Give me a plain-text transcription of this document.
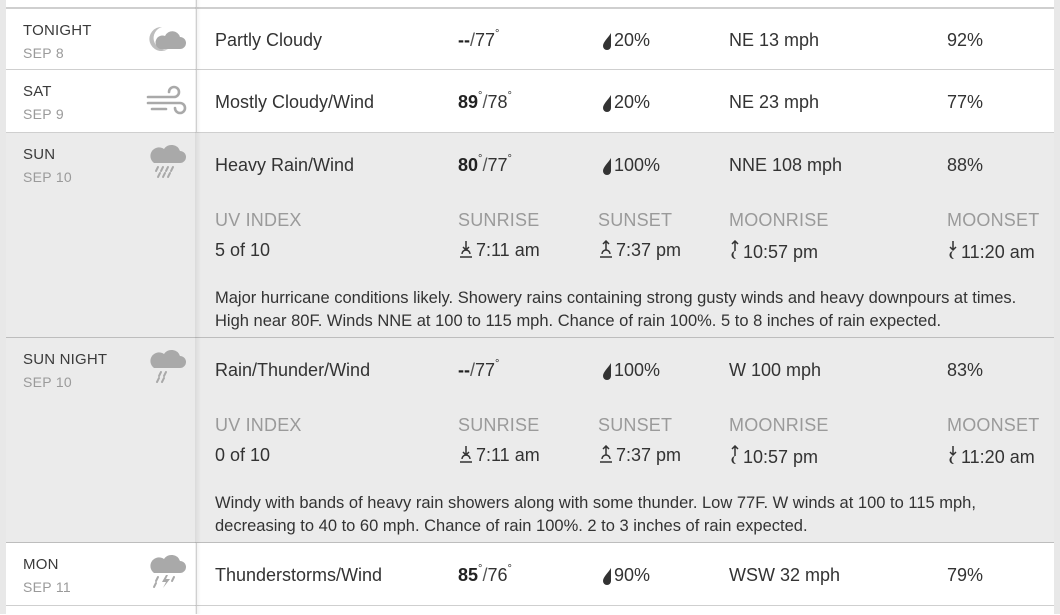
TONIGHT
SEP 8
Partly Cloudy	--/77°	20%	NE 13 mph	92%
SAT
SEP 9
Mostly Cloudy/Wind	89°/78°	20%	NE 23 mph	77%
SUN
SEP 10
Heavy Rain/Wind	80°/77°	100%	NNE 108 mph	88%
UV INDEX	SUNRISE	SUNSET	MOONRISE	MOONSET
5 of 10	7:11 am	7:37 pm	10:57 pm	11:20 am
Major hurricane conditions likely. Showery rains containing strong gusty winds and heavy downpours at times. High near 80F. Winds NNE at 100 to 115 mph. Chance of rain 100%. 5 to 8 inches of rain expected.
SUN NIGHT
SEP 10
Rain/Thunder/Wind	--/77°	100%	W 100 mph	83%
UV INDEX	SUNRISE	SUNSET	MOONRISE	MOONSET
0 of 10	7:11 am	7:37 pm	10:57 pm	11:20 am
Windy with bands of heavy rain showers along with some thunder. Low 77F. W winds at 100 to 115 mph, decreasing to 40 to 60 mph. Chance of rain 100%. 2 to 3 inches of rain expected.
MON
SEP 11
Thunderstorms/Wind	85°/76°	90%	WSW 32 mph	79%
